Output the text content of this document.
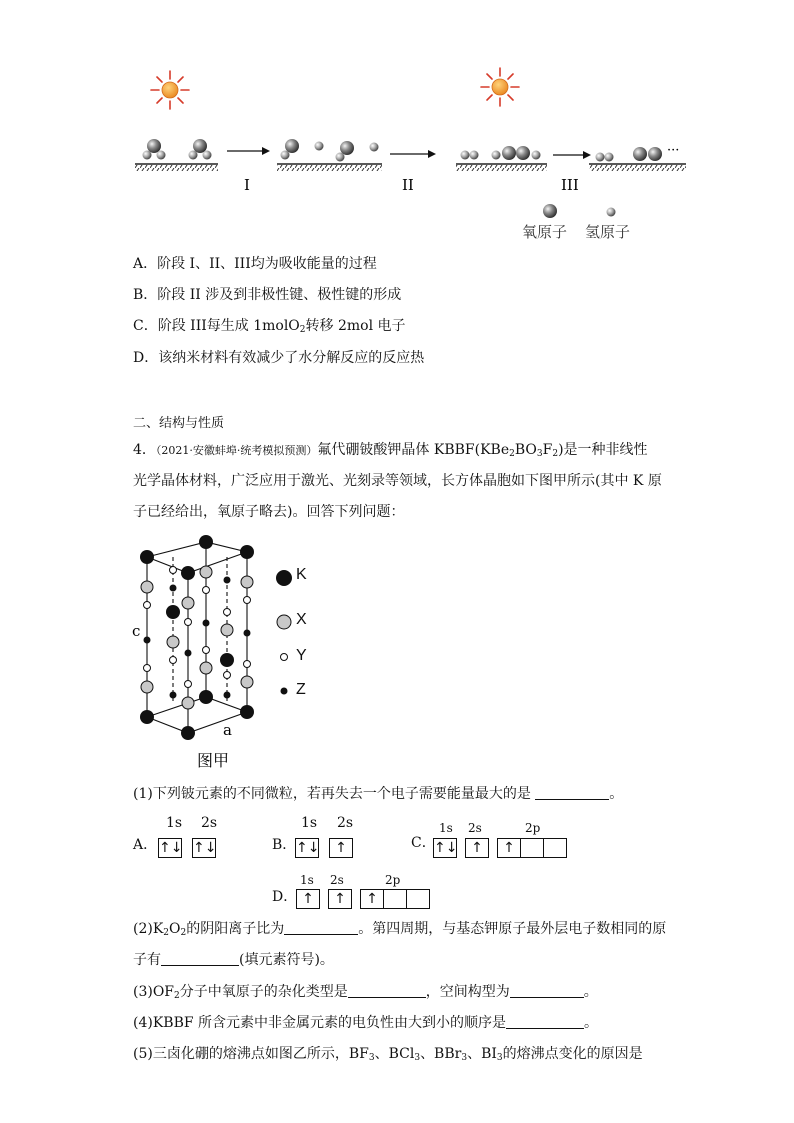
···
I	II	III
氧原子 氢原子
A．阶段 I、II、III均为吸收能量的过程
B．阶段 II 涉及到非极性键、极性键的形成
C．阶段 III每生成 1molO$_2$转移 2mol 电子
D．该纳米材料有效减少了水分解反应的反应热
二、结构与性质
4．（2021·安徽蚌埠·统考模拟预测）氟代硼铍酸钾晶体 $KBBF(KBe_2BO_3F_2)$是一种非线性
光学晶体材料，广泛应用于激光、光刻录等领域，长方体晶胞如下图甲所示(其中 K 原
子已经给出，氧原子略去)。回答下列问题：
c
a
图甲
K
X
Y
Z
(1)下列铍元素的不同微粒，若再失去一个电子需要能量最大的是	。
A．
1s 2s
↑↓ ↑↓	B．
1s 2s
↑↓	↑	C．
1s 2s	2p
↑↓ ↑	↑
D．
1s 2s	2p
↑	↑	↑
$(2)K_2O_2$的阴阳离子比为	。第四周期，与基态钾原子最外层电子数相同的原
子有	(填元素符号)。
$(3)OF_2$分子中氧原子的杂化类型是	，空间构型为	。
(4)KBBF 所含元素中非金属元素的电负性由大到小的顺序是	。
(5)三卤化硼的熔沸点如图乙所示，$BF_3$、BCl$_3$、BBr$_3$、$BI_3$的熔沸点变化的原因是
